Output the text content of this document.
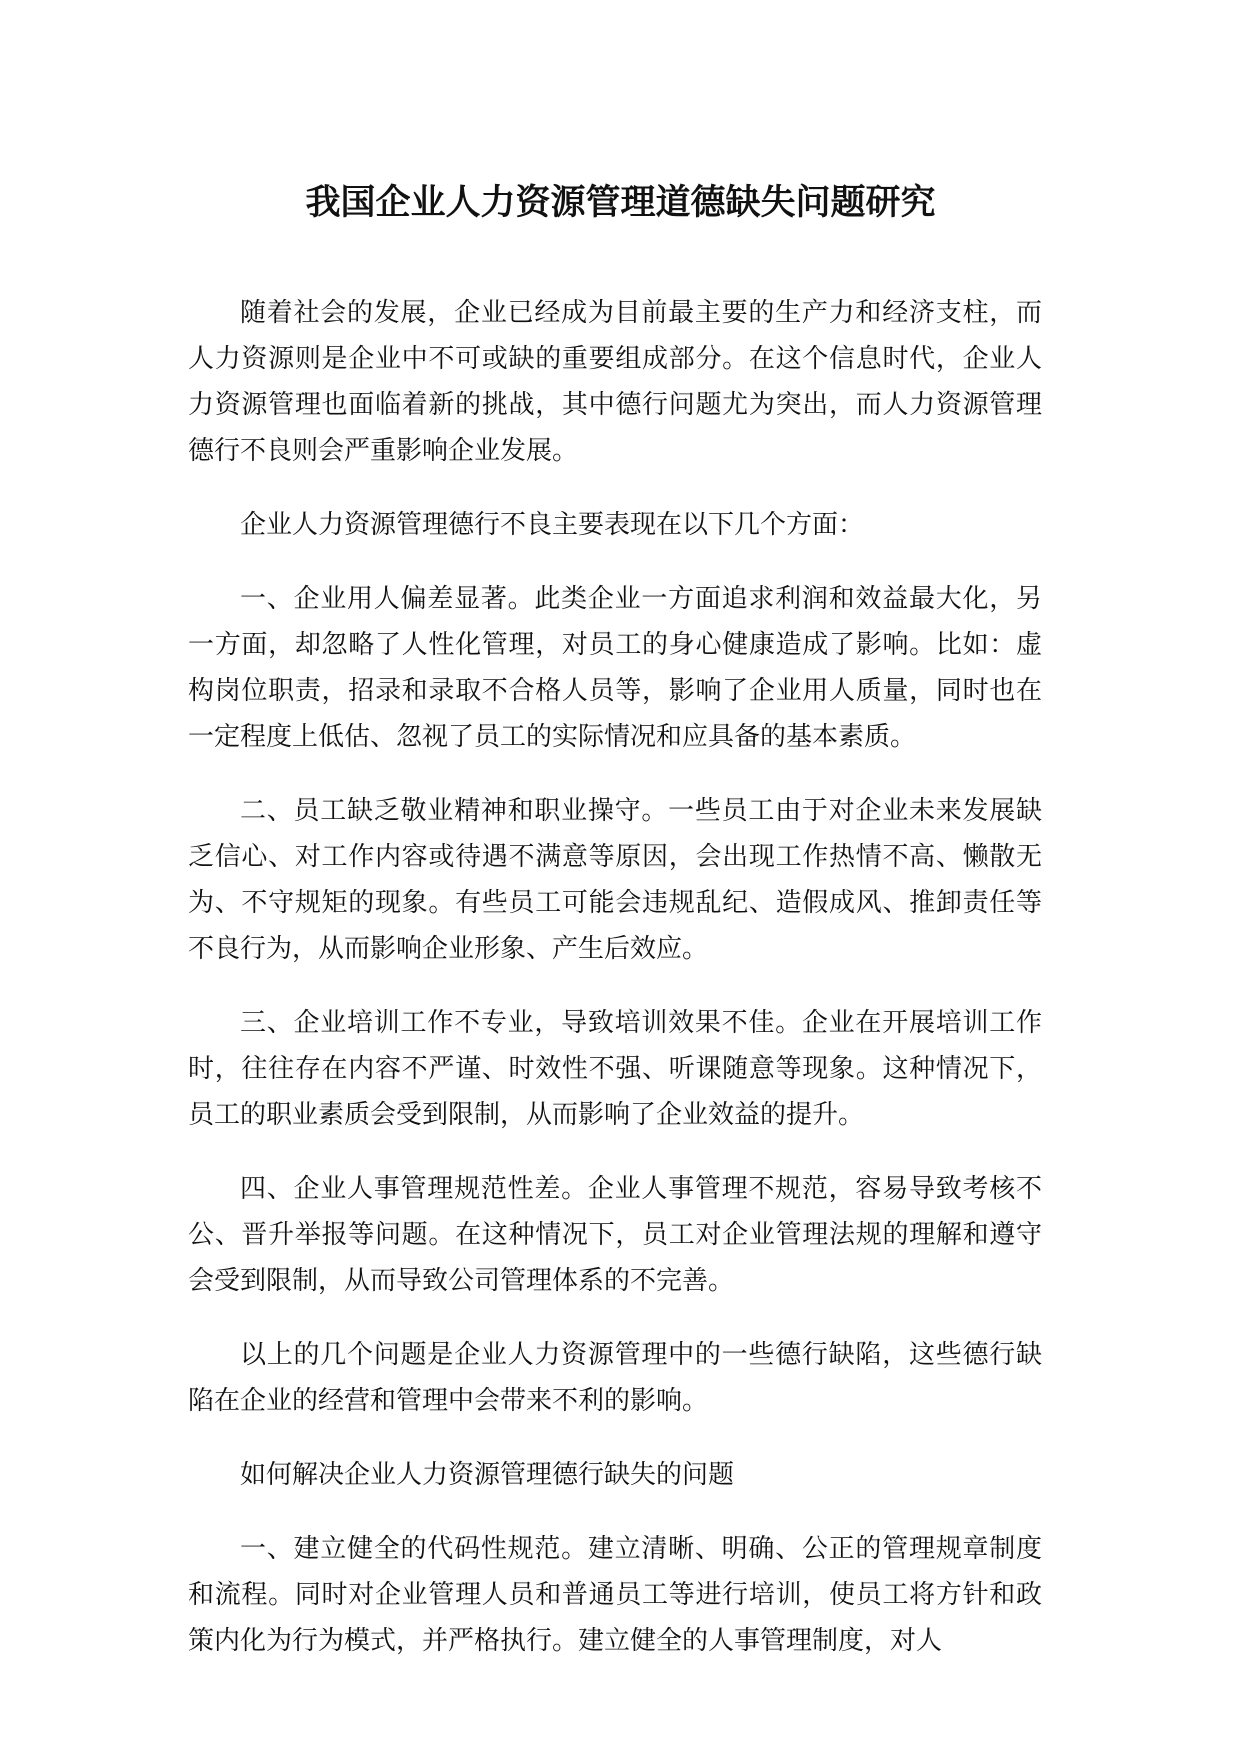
我国企业人力资源管理道德缺失问题研究

随着社会的发展，企业已经成为目前最主要的生产力和经济支柱，而人力资源则是企业中不可或缺的重要组成部分。在这个信息时代，企业人力资源管理也面临着新的挑战，其中德行问题尤为突出，而人力资源管理德行不良则会严重影响企业发展。

企业人力资源管理德行不良主要表现在以下几个方面：

一、企业用人偏差显著。此类企业一方面追求利润和效益最大化，另一方面，却忽略了人性化管理，对员工的身心健康造成了影响。比如：虚构岗位职责，招录和录取不合格人员等，影响了企业用人质量，同时也在一定程度上低估、忽视了员工的实际情况和应具备的基本素质。

二、员工缺乏敬业精神和职业操守。一些员工由于对企业未来发展缺乏信心、对工作内容或待遇不满意等原因，会出现工作热情不高、懒散无为、不守规矩的现象。有些员工可能会违规乱纪、造假成风、推卸责任等不良行为，从而影响企业形象、产生后效应。

三、企业培训工作不专业，导致培训效果不佳。企业在开展培训工作时，往往存在内容不严谨、时效性不强、听课随意等现象。这种情况下，员工的职业素质会受到限制，从而影响了企业效益的提升。

四、企业人事管理规范性差。企业人事管理不规范，容易导致考核不公、晋升举报等问题。在这种情况下，员工对企业管理法规的理解和遵守会受到限制，从而导致公司管理体系的不完善。

以上的几个问题是企业人力资源管理中的一些德行缺陷，这些德行缺陷在企业的经营和管理中会带来不利的影响。

如何解决企业人力资源管理德行缺失的问题

一、建立健全的代码性规范。建立清晰、明确、公正的管理规章制度和流程。同时对企业管理人员和普通员工等进行培训，使员工将方针和政策内化为行为模式，并严格执行。建立健全的人事管理制度，对人
